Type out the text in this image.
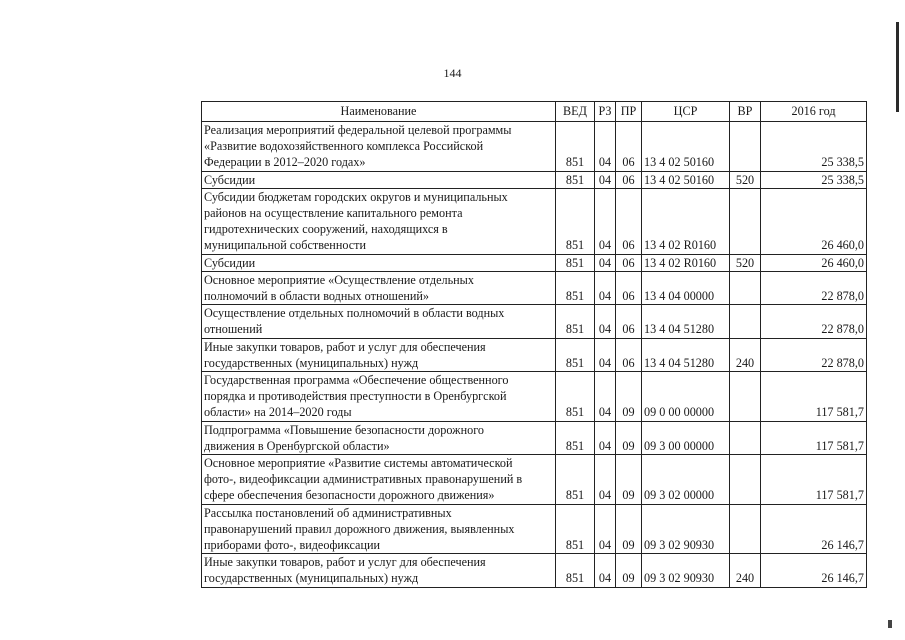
144
Наименование	ВЕД	РЗ	ПР	ЦСР	ВР	2016 год

Реализация мероприятий федеральной целевой программы
«Развитие водохозяйственного комплекса Российской
Федерации в 2012–2020 годах»	851	04	06	13 4 02 50160		25 338,5

Субсидии	851	04	06	13 4 02 50160	520	25 338,5

Субсидии бюджетам городских округов и муниципальных
районов на осуществление капитального ремонта
гидротехнических сооружений, находящихся в
муниципальной собственности	851	04	06	13 4 02 R0160		26 460,0

Субсидии	851	04	06	13 4 02 R0160	520	26 460,0

Основное мероприятие «Осуществление отдельных
полномочий в области водных отношений»	851	04	06	13 4 04 00000		22 878,0

Осуществление отдельных полномочий в области водных
отношений	851	04	06	13 4 04 51280		22 878,0

Иные закупки товаров, работ и услуг для обеспечения
государственных (муниципальных) нужд	851	04	06	13 4 04 51280	240	22 878,0

Государственная программа «Обеспечение общественного
порядка и противодействия преступности в Оренбургской
области» на 2014–2020 годы	851	04	09	09 0 00 00000		117 581,7

Подпрограмма «Повышение безопасности дорожного
движения в Оренбургской области»	851	04	09	09 3 00 00000		117 581,7

Основное мероприятие «Развитие системы автоматической
фото-, видеофиксации административных правонарушений в
сфере обеспечения безопасности дорожного движения»	851	04	09	09 3 02 00000		117 581,7

Рассылка постановлений об административных
правонарушений правил дорожного движения, выявленных
приборами фото-, видеофиксации	851	04	09	09 3 02 90930		26 146,7

Иные закупки товаров, работ и услуг для обеспечения
государственных (муниципальных) нужд	851	04	09	09 3 02 90930	240	26 146,7
